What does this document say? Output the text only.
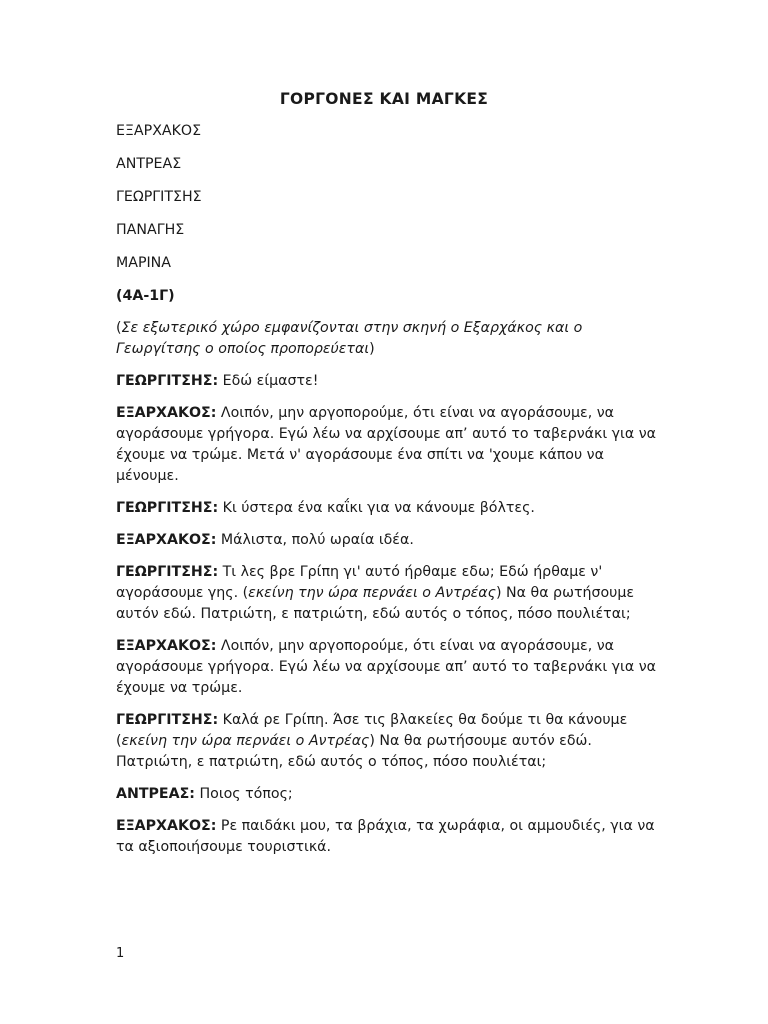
ΓΟΡΓΟΝΕΣ ΚΑΙ ΜΑΓΚΕΣ

ΕΞΑΡΧΑΚΟΣ

ΑΝΤΡΕΑΣ

ΓΕΩΡΓΙΤΣΗΣ

ΠΑΝΑΓΗΣ

ΜΑΡΙΝΑ

(4Α-1Γ)

(Σε εξωτερικό χώρο εμφανίζονται στην σκηνή ο Εξαρχάκος και ο Γεωργίτσης ο οποίος προπορεύεται)

ΓΕΩΡΓΙΤΣΗΣ: Εδώ είμαστε!

ΕΞΑΡΧΑΚΟΣ: Λοιπόν, μην αργοπορούμε, ότι είναι να αγοράσουμε, να αγοράσουμε γρήγορα. Εγώ λέω να αρχίσουμε απ’ αυτό το ταβερνάκι για να έχουμε να τρώμε. Μετά ν' αγοράσουμε ένα σπίτι να 'χουμε κάπου να μένουμε.

ΓΕΩΡΓΙΤΣΗΣ: Κι ύστερα ένα καΐκι για να κάνουμε βόλτες.

ΕΞΑΡΧΑΚΟΣ: Μάλιστα, πολύ ωραία ιδέα.

ΓΕΩΡΓΙΤΣΗΣ: Τι λες βρε Γρίπη γι' αυτό ήρθαμε εδω; Εδώ ήρθαμε ν' αγοράσουμε γης. (εκείνη την ώρα περνάει ο Αντρέας) Να θα ρωτήσουμε αυτόν εδώ. Πατριώτη, ε πατριώτη, εδώ αυτός ο τόπος, πόσο πουλιέται;

ΕΞΑΡΧΑΚΟΣ: Λοιπόν, μην αργοπορούμε, ότι είναι να αγοράσουμε, να αγοράσουμε γρήγορα. Εγώ λέω να αρχίσουμε απ’ αυτό το ταβερνάκι για να έχουμε να τρώμε.

ΓΕΩΡΓΙΤΣΗΣ: Καλά ρε Γρίπη. Άσε τις βλακείες θα δούμε τι θα κάνουμε (εκείνη την ώρα περνάει ο Αντρέας) Να θα ρωτήσουμε αυτόν εδώ. Πατριώτη, ε πατριώτη, εδώ αυτός ο τόπος, πόσο πουλιέται;

ΑΝΤΡΕΑΣ: Ποιος τόπος;

ΕΞΑΡΧΑΚΟΣ: Ρε παιδάκι μου, τα βράχια, τα χωράφια, οι αμμουδιές, για να τα αξιοποιήσουμε τουριστικά.

1
